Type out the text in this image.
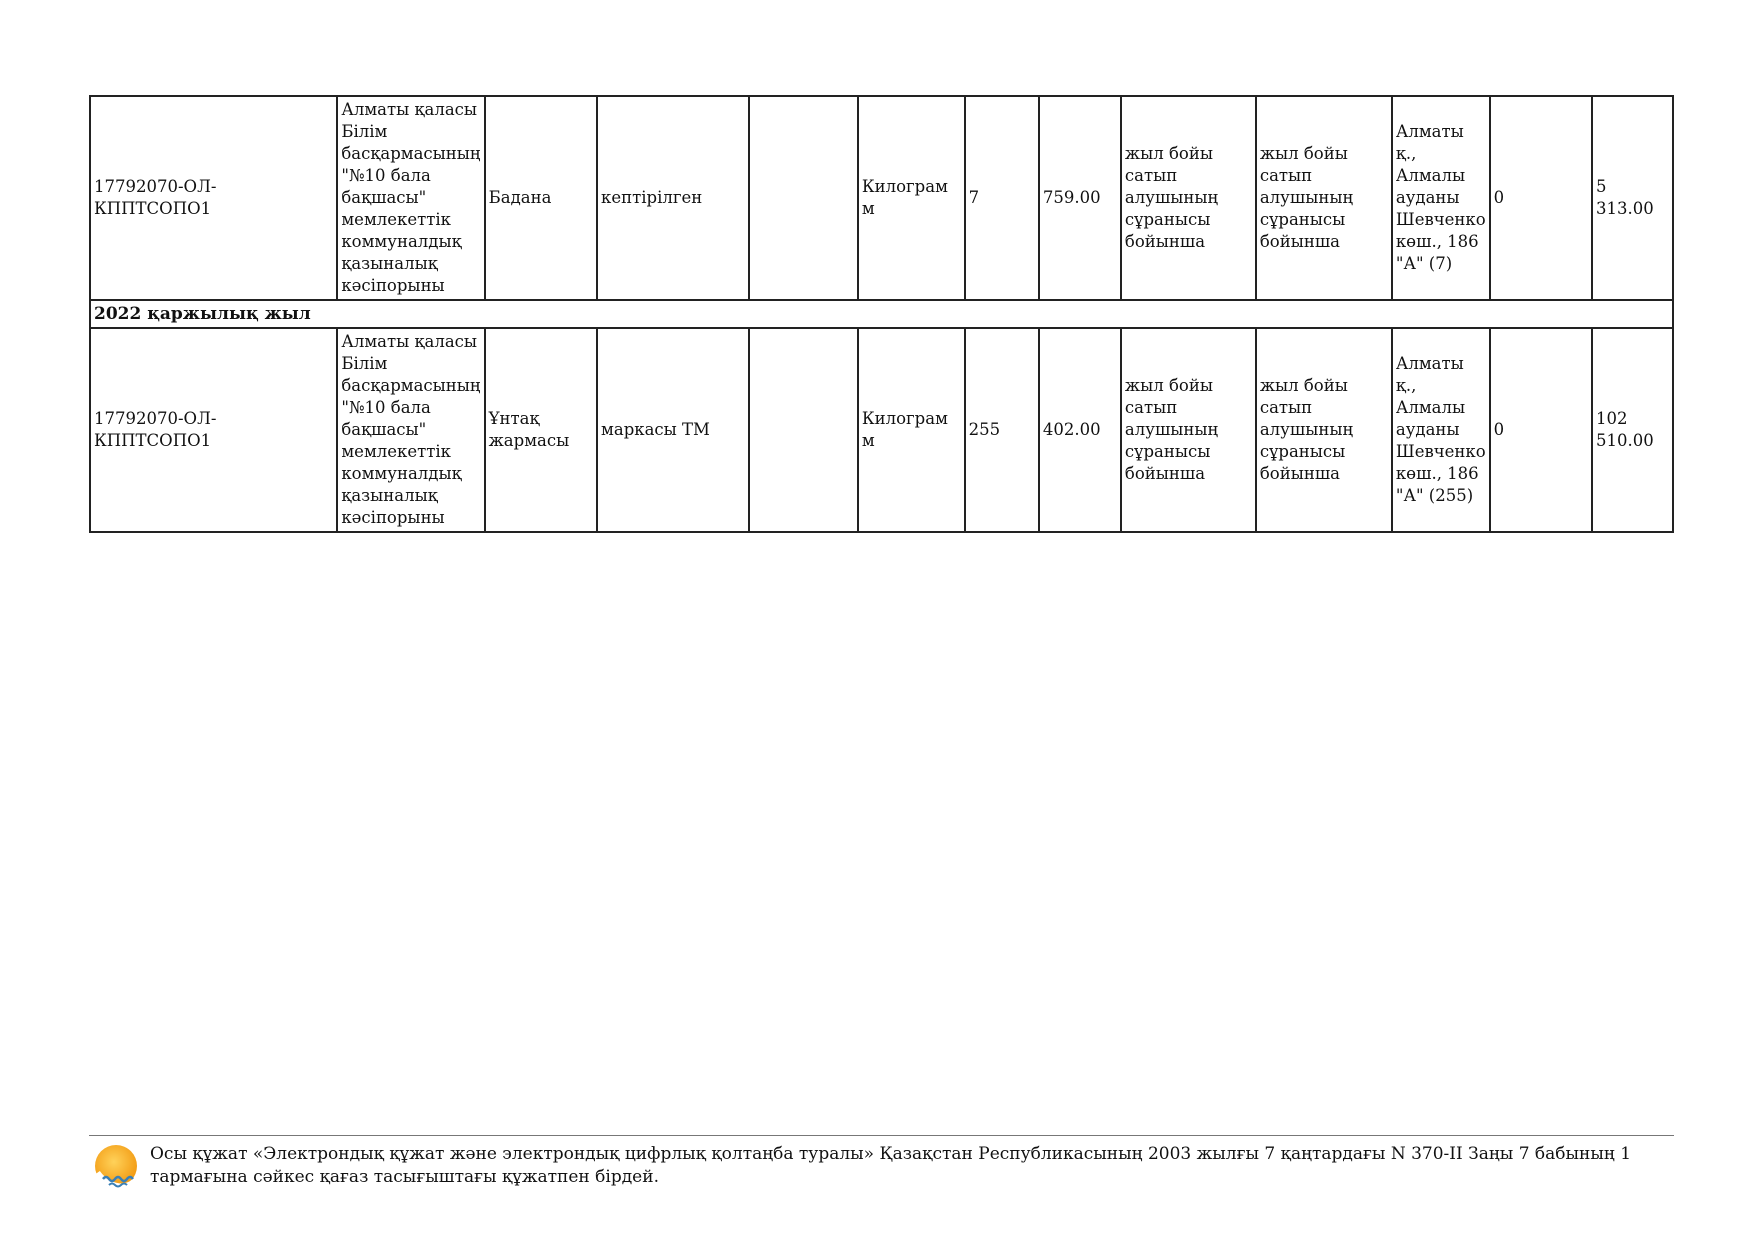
17792070-ОЛ-КППТСОПО1	Алматы қаласы Білім басқармасының "№10 бала бақшасы" мемлекеттік коммуналдық қазыналық кәсіпорыны	Бадана	кептірілген		Килограмм	7	759.00	жыл бойы сатып алушының сұранысы бойынша	жыл бойы сатып алушының сұранысы бойынша	Алматы қ., Алмалы ауданы Шевченко көш., 186 "А" (7)	0	5 313.00
2022 қаржылық жыл												
17792070-ОЛ-КППТСОПО1	Алматы қаласы Білім басқармасының "№10 бала бақшасы" мемлекеттік коммуналдық қазыналық кәсіпорыны	Ұнтақ жармасы	маркасы ТМ		Килограмм	255	402.00	жыл бойы сатып алушының сұранысы бойынша	жыл бойы сатып алушының сұранысы бойынша	Алматы қ., Алмалы ауданы Шевченко көш., 186 "А" (255)	0	102 510.00
Осы құжат «Электрондық құжат және электрондық цифрлық қолтаңба туралы» Қазақстан Республикасының 2003 жылғы 7 қаңтардағы N 370-II Заңы 7 бабының 1 тармағына сәйкес қағаз тасығыштағы құжатпен бірдей.
